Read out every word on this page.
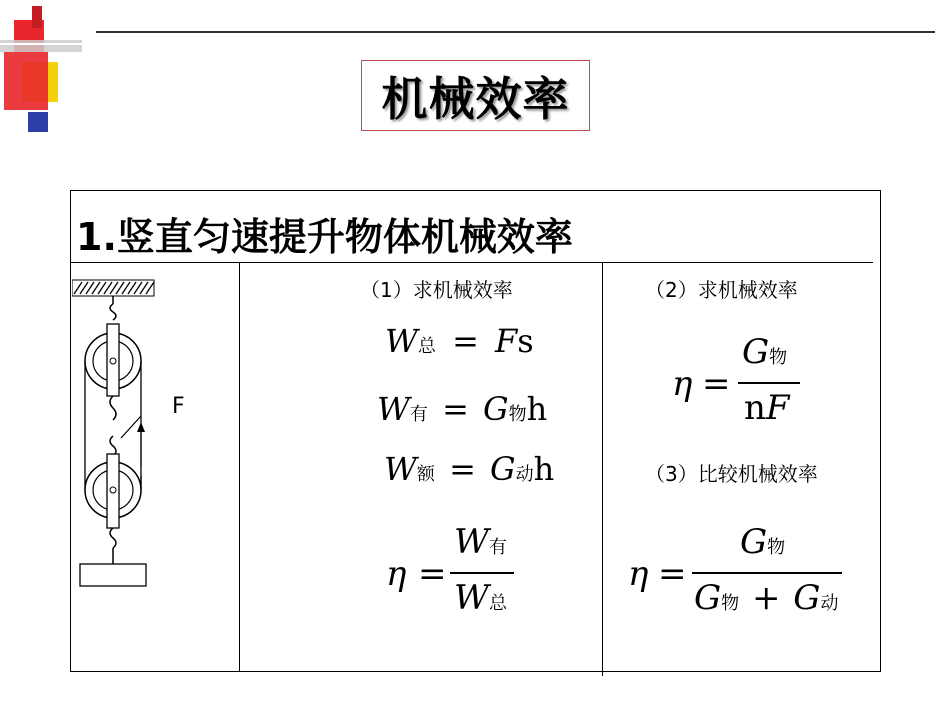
机械效率
1.竖直匀速提升物体机械效率
F
（1）求机械效率	（2）求机械效率
（3）比较机械效率
W总 = Fs
W有 = G物h
W额 = G动h
η =
W有
W总
η =
G物
nF
η =
G物
G物 + G动
